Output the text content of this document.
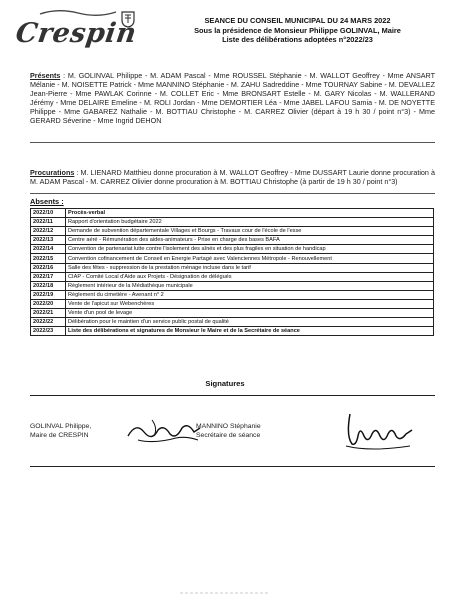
Crespin	SEANCE DU CONSEIL MUNICIPAL DU 24 MARS 2022
Sous la présidence de Monsieur Philippe GOLINVAL, Maire
Liste des délibérations adoptées n°2022/23
Présents : M. GOLINVAL Philippe - M. ADAM Pascal - Mme ROUSSEL Stéphanie - M. WALLOT Geoffrey - Mme ANSART Mélanie - M. NOISETTE Patrick - Mme MANNINO Stéphanie - M. ZAHU Sadreddine - Mme TOURNAY Sabine - M. DEVALLEZ Jean-Pierre - Mme PAWLAK Corinne - M. COLLET Eric - Mme BRONSART Estelle - M. GARY Nicolas - M. WALLERAND Jérémy - Mme DELAIRE Emeline - M. ROLI Jordan - Mme DEMORTIER Léa - Mme JABEL LAFOU Samia - M. DE NOYETTE Philippe - Mme GABAREZ Nathalie - M. BOTTIAU Christophe - M. CARREZ Olivier (départ à 19 h 30 / point n°3) - Mme GERARD Séverine - Mme Ingrid DEHON
Procurations : M. LIENARD Matthieu donne procuration à M. WALLOT Geoffrey - Mme DUSSART Laurie donne procuration à M. ADAM Pascal - M. CARREZ Olivier donne procuration à M. BOTTIAU Christophe (à partir de 19 h 30 / point n°3)
Absents :
2022/10	Procès-verbal
2022/11	Rapport d'orientation budgétaire 2022
2022/12	Demande de subvention départementale Villages et Bourgs - Travaux cour de l'école de l'esse
2022/13	Centre aéré - Rémunération des aides-animateurs - Prise en charge des bases BAFA
2022/14	Convention de partenariat lutte contre l'isolement des aînés et des plus fragiles en situation de handicap
2022/15	Convention cofinancement de Conseil en Energie Partagé avec Valenciennes Métropole - Renouvellement
2022/16	Salle des fêtes - suppression de la prestation ménage incluse dans le tarif
2022/17	CIAP - Comité Local d'Aide aux Projets - Désignation de délégués
2022/18	Règlement intérieur de la Médiathèque municipale
2022/19	Règlement du cimetière - Avenant n° 2
2022/20	Vente de l'apicut sur Webenchères
2022/21	Vente d'un pool de levage
2022/22	Délibération pour le maintien d'un service public postal de qualité
2022/23	Liste des délibérations et signatures de Monsieur le Maire et de la Secrétaire de séance
Signatures
GOLINVAL Philippe,
Maire de CRESPIN
MANNINO Stéphanie
Secrétaire de séance
